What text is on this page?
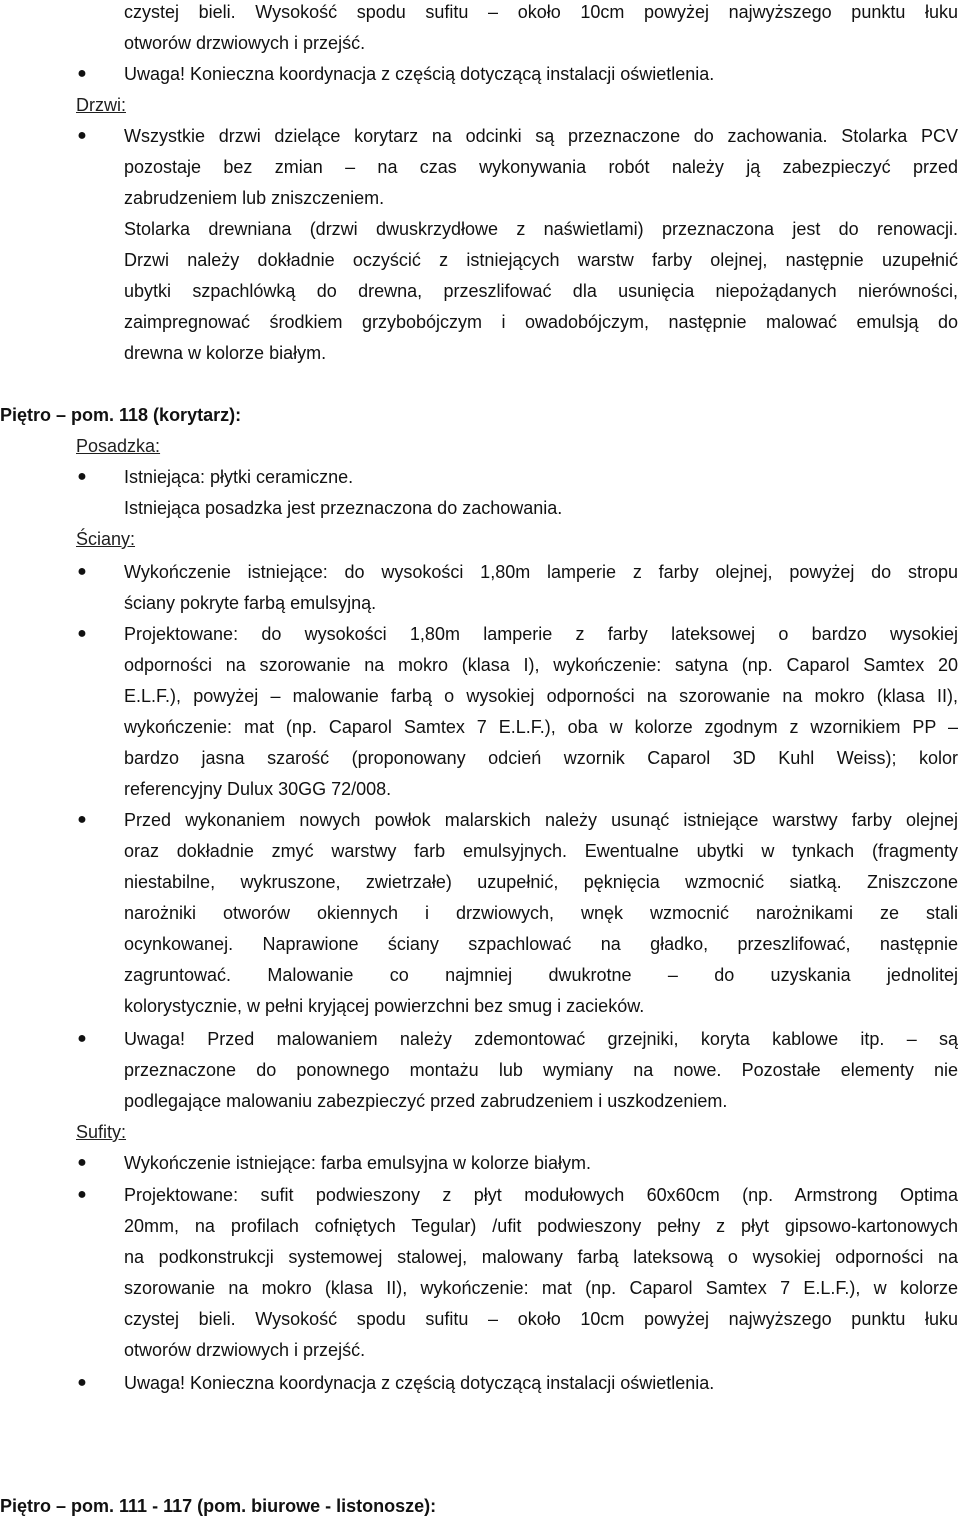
czystej bieli. Wysokość spodu sufitu – około 10cm powyżej najwyższego punktu łuku
otworów drzwiowych i przejść.
● Uwaga! Konieczna koordynacja z częścią dotyczącą instalacji oświetlenia.
Drzwi:
● Wszystkie drzwi dzielące korytarz na odcinki są przeznaczone do zachowania. Stolarka PCV
pozostaje bez zmian – na czas wykonywania robót należy ją zabezpieczyć przed
zabrudzeniem lub zniszczeniem.
Stolarka drewniana (drzwi dwuskrzydłowe z naświetlami) przeznaczona jest do renowacji.
Drzwi należy dokładnie oczyścić z istniejących warstw farby olejnej, następnie uzupełnić
ubytki szpachlówką do drewna, przeszlifować dla usunięcia niepożądanych nierówności,
zaimpregnować środkiem grzybobójczym i owadobójczym, następnie malować emulsją do
drewna w kolorze białym.
Piętro – pom. 118 (korytarz):
Posadzka:
● Istniejąca: płytki ceramiczne.
Istniejąca posadzka jest przeznaczona do zachowania.
Ściany:
● Wykończenie istniejące: do wysokości 1,80m lamperie z farby olejnej, powyżej do stropu
ściany pokryte farbą emulsyjną.
● Projektowane: do wysokości 1,80m lamperie z farby lateksowej o bardzo wysokiej
odporności na szorowanie na mokro (klasa I), wykończenie: satyna (np. Caparol Samtex 20
E.L.F.), powyżej – malowanie farbą o wysokiej odporności na szorowanie na mokro (klasa II),
wykończenie: mat (np. Caparol Samtex 7 E.L.F.), oba w kolorze zgodnym z wzornikiem PP –
bardzo jasna szarość (proponowany odcień wzornik Caparol 3D Kuhl Weiss); kolor
referencyjny Dulux 30GG 72/008.
● Przed wykonaniem nowych powłok malarskich należy usunąć istniejące warstwy farby olejnej
oraz dokładnie zmyć warstwy farb emulsyjnych. Ewentualne ubytki w tynkach (fragmenty
niestabilne, wykruszone, zwietrzałe) uzupełnić, pęknięcia wzmocnić siatką. Zniszczone
narożniki otworów okiennych i drzwiowych, wnęk wzmocnić narożnikami ze stali
ocynkowanej. Naprawione ściany szpachlować na gładko, przeszlifować, następnie
zagruntować. Malowanie co najmniej dwukrotne – do uzyskania jednolitej
kolorystycznie, w pełni kryjącej powierzchni bez smug i zacieków.
● Uwaga! Przed malowaniem należy zdemontować grzejniki, koryta kablowe itp. – są
przeznaczone do ponownego montażu lub wymiany na nowe. Pozostałe elementy nie
podlegające malowaniu zabezpieczyć przed zabrudzeniem i uszkodzeniem.
Sufity:
● Wykończenie istniejące: farba emulsyjna w kolorze białym.
● Projektowane: sufit podwieszony z płyt modułowych 60x60cm (np. Armstrong Optima
20mm, na profilach cofniętych Tegular) /ufit podwieszony pełny z płyt gipsowo-kartonowych
na podkonstrukcji systemowej stalowej, malowany farbą lateksową o wysokiej odporności na
szorowanie na mokro (klasa II), wykończenie: mat (np. Caparol Samtex 7 E.L.F.), w kolorze
czystej bieli. Wysokość spodu sufitu – około 10cm powyżej najwyższego punktu łuku
otworów drzwiowych i przejść.
● Uwaga! Konieczna koordynacja z częścią dotyczącą instalacji oświetlenia.
Piętro – pom. 111 - 117 (pom. biurowe - listonosze):
